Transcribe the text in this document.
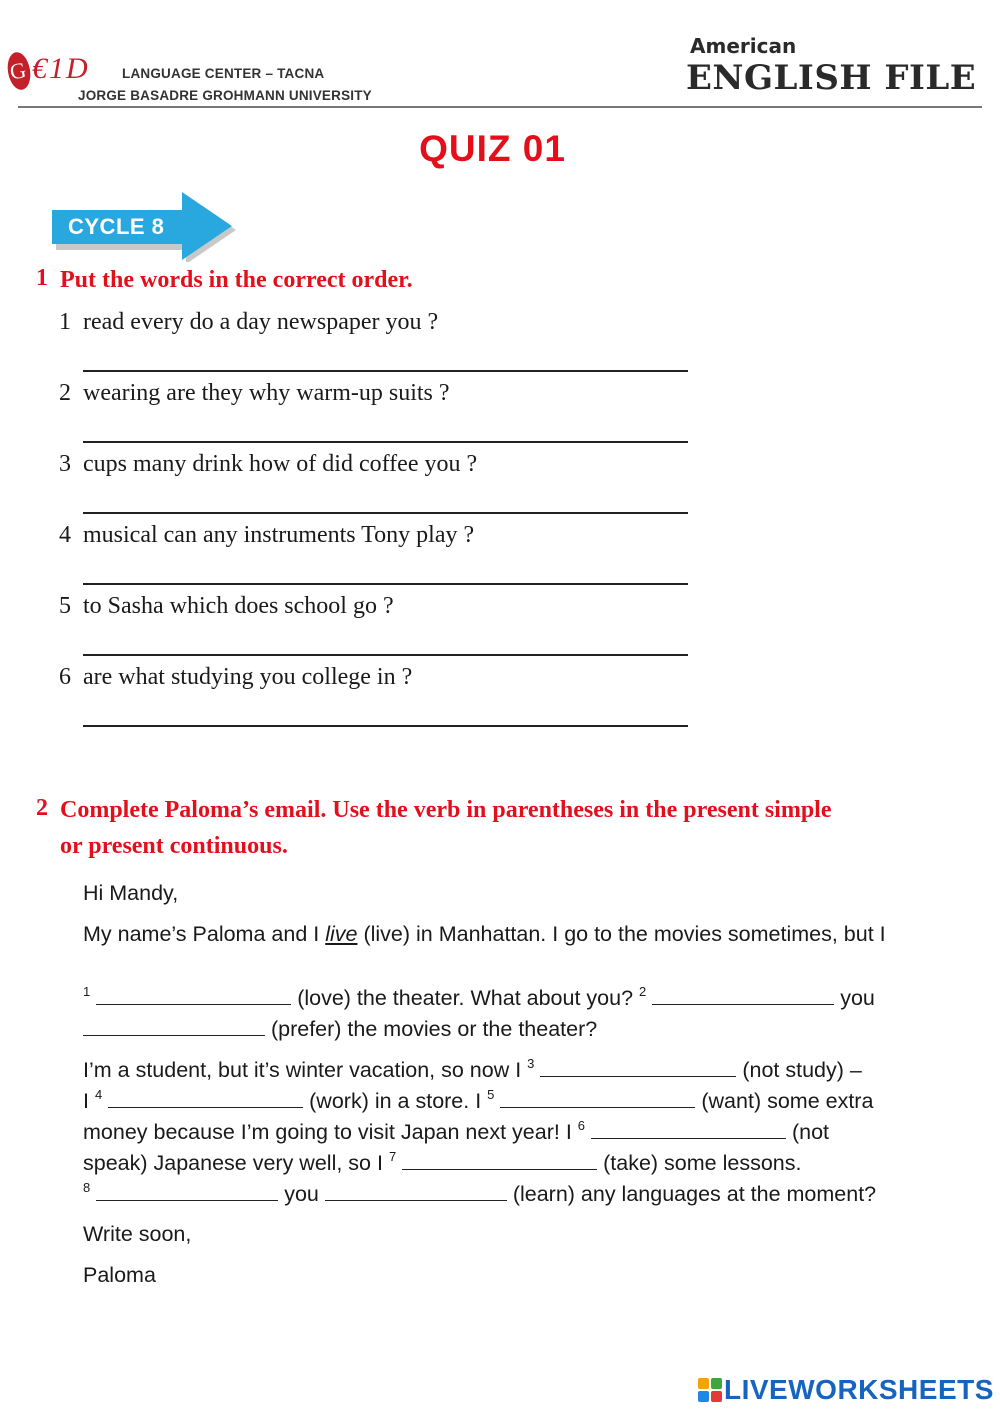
G€1D	LANGUAGE CENTER – TACNA
JORGE BASADRE GROHMANN UNIVERSITY
American
ENGLISH FILE
QUIZ 01
CYCLE 8
1 Put the words in the correct order.
1 read every do a day newspaper you ?
2 wearing are they why warm-up suits ?
3 cups many drink how of did coffee you ?
4 musical can any instruments Tony play ?
5 to Sasha which does school go ?
6 are what studying you college in ?
2 Complete Paloma’s email. Use the verb in parentheses in the present simple
or present continuous.
Hi Mandy,
My name’s Paloma and I live (live) in Manhattan. I go to the movies sometimes, but I
$^1$	(love) the theater. What about you? $^2$	you
(prefer) the movies or the theater?
I’m a student, but it’s winter vacation, so now I $^3$	(not study) –
I $^4$	(work) in a store. I $^5$	(want) some extra
money because I’m going to visit Japan next year! I $^6$	(not
speak) Japanese very well, so I $^7$	(take) some lessons.
$^8$	you	(learn) any languages at the moment?
Write soon,
Paloma
LIVEWORKSHEETS
